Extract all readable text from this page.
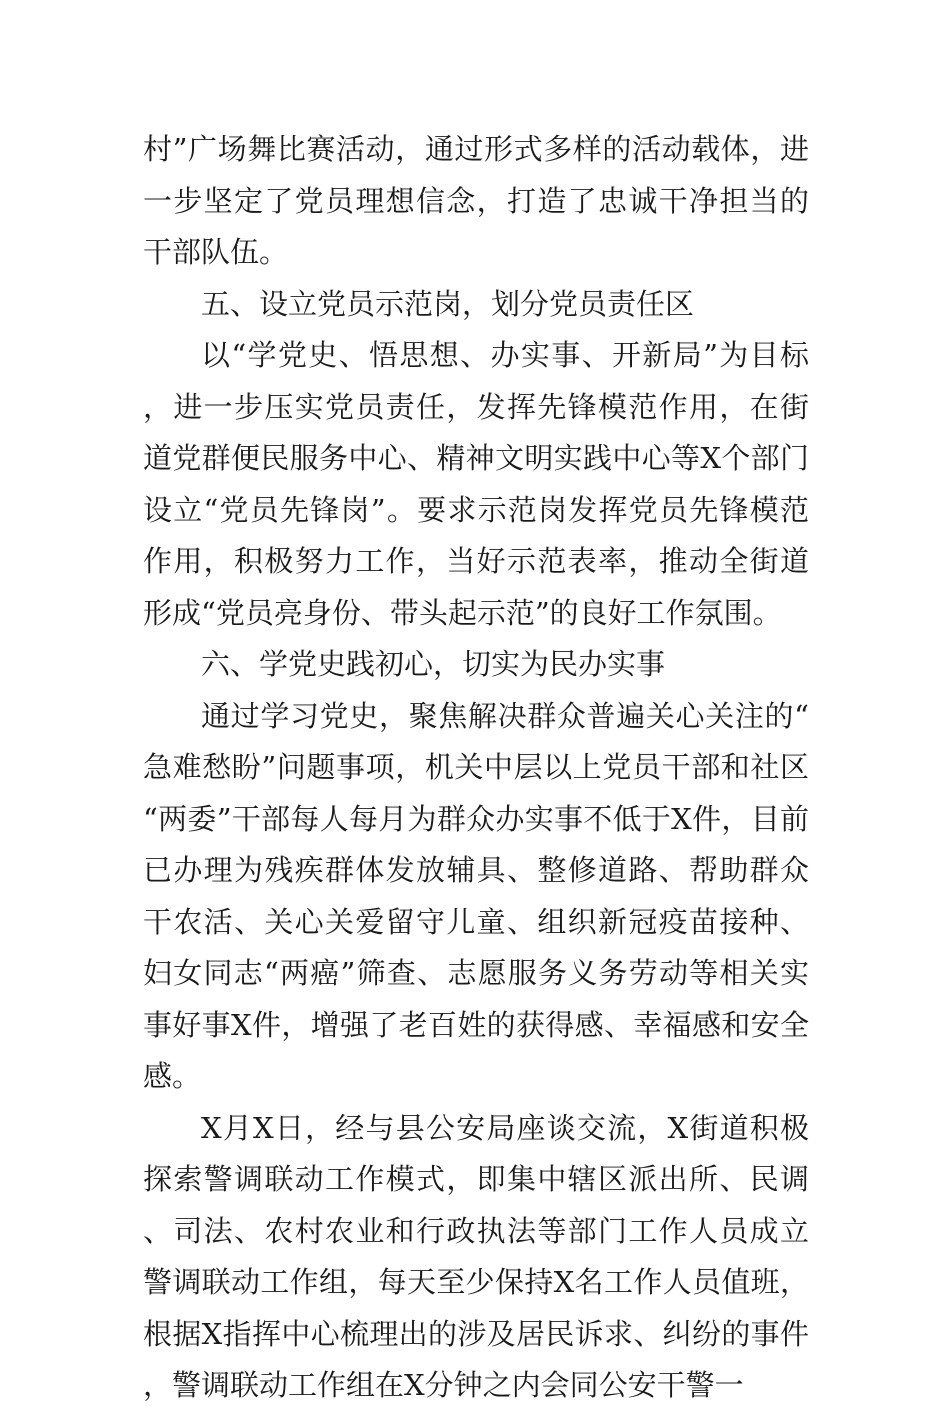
村”广场舞比赛活动，通过形式多样的活动载体，进一步坚定了党员理想信念，打造了忠诚干净担当的干部队伍。

五、设立党员示范岗，划分党员责任区

以“学党史、悟思想、办实事、开新局”为目标，进一步压实党员责任，发挥先锋模范作用，在街道党群便民服务中心、精神文明实践中心等X个部门设立“党员先锋岗”。要求示范岗发挥党员先锋模范作用，积极努力工作，当好示范表率，推动全街道形成“党员亮身份、带头起示范”的良好工作氛围。

六、学党史践初心，切实为民办实事

通过学习党史，聚焦解决群众普遍关心关注的“急难愁盼”问题事项，机关中层以上党员干部和社区“两委”干部每人每月为群众办实事不低于X件，目前已办理为残疾群体发放辅具、整修道路、帮助群众干农活、关心关爱留守儿童、组织新冠疫苗接种、妇女同志“两癌”筛查、志愿服务义务劳动等相关实事好事X件，增强了老百姓的获得感、幸福感和安全感。

X月X日，经与县公安局座谈交流，X街道积极探索警调联动工作模式，即集中辖区派出所、民调、司法、农村农业和行政执法等部门工作人员成立警调联动工作组，每天至少保持X名工作人员值班，根据X指挥中心梳理出的涉及居民诉求、纠纷的事件，警调联动工作组在X分钟之内会同公安干警一
